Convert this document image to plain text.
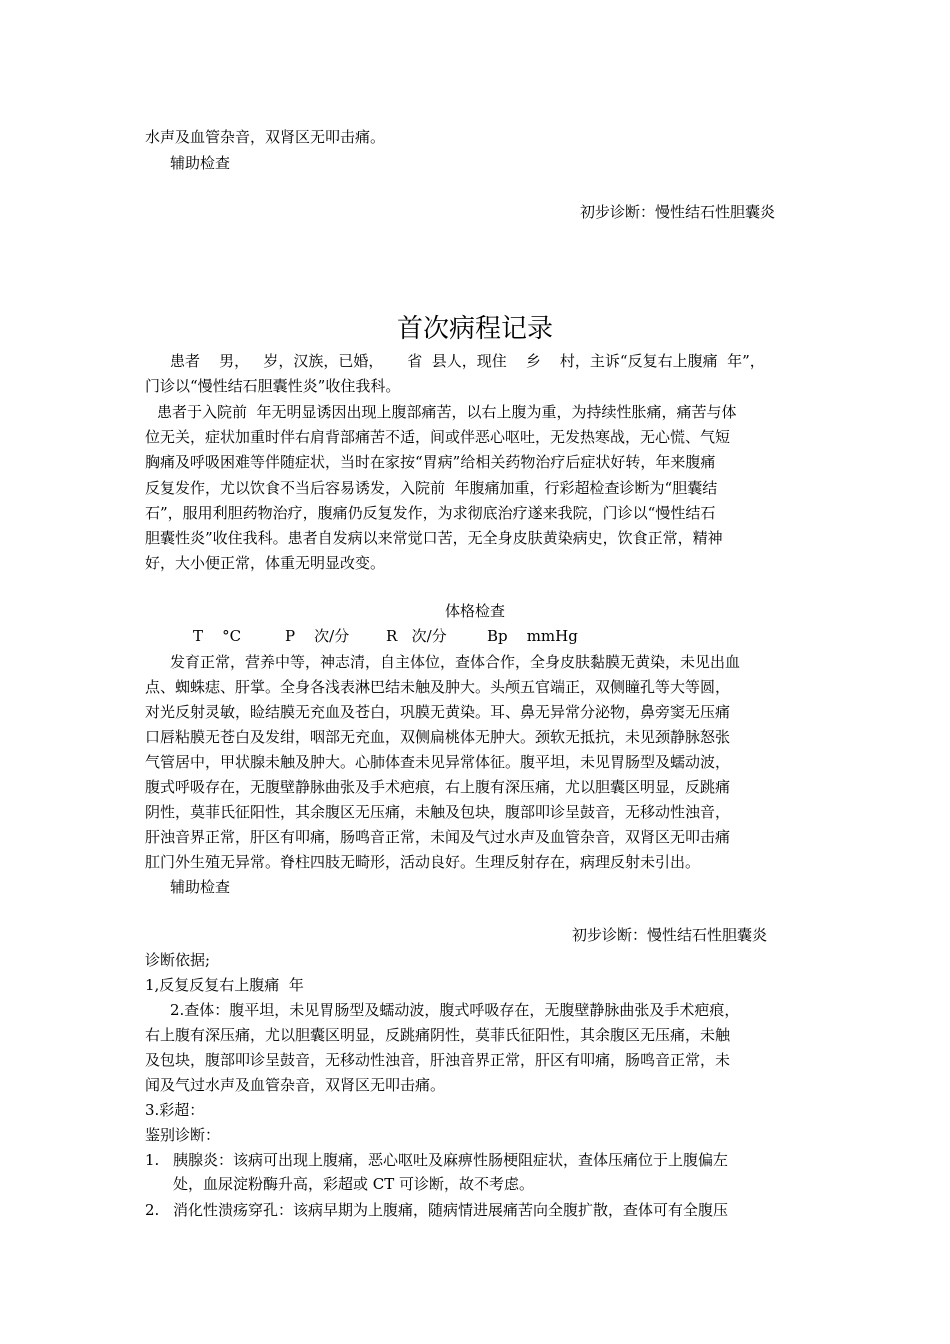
水声及血管杂音，双肾区无叩击痛。
辅助检查
初步诊断：慢性结石性胆囊炎
首次病程记录
患者    男，   岁，汉族，已婚，     省  县人，现住    乡    村，主诉“反复右上腹痛  年”，
门诊以“慢性结石胆囊性炎”收住我科。
患者于入院前  年无明显诱因出现上腹部痛苦，以右上腹为重，为持续性胀痛，痛苦与体
位无关，症状加重时伴右肩背部痛苦不适，间或伴恶心呕吐，无发热寒战，无心慌、气短
胸痛及呼吸困难等伴随症状，当时在家按“胃病”给相关药物治疗后症状好转，年来腹痛
反复发作，尤以饮食不当后容易诱发，入院前  年腹痛加重，行彩超检查诊断为“胆囊结
石”，服用利胆药物治疗，腹痛仍反复发作，为求彻底治疗遂来我院，门诊以“慢性结石
胆囊性炎”收住我科。患者自发病以来常觉口苦，无全身皮肤黄染病史，饮食正常，精神
好，大小便正常，体重无明显改变。
体格检查
T    °C	P    次/分 R   次/分	Bp    mmHg
发育正常，营养中等，神志清，自主体位，查体合作，全身皮肤黏膜无黄染，未见出血
点、蜘蛛痣、肝掌。全身各浅表淋巴结未触及肿大。头颅五官端正，双侧瞳孔等大等圆，
对光反射灵敏，睑结膜无充血及苍白，巩膜无黄染。耳、鼻无异常分泌物，鼻旁窦无压痛
口唇粘膜无苍白及发绀，咽部无充血，双侧扁桃体无肿大。颈软无抵抗，未见颈静脉怒张
气管居中，甲状腺未触及肿大。心肺体查未见异常体征。腹平坦，未见胃肠型及蠕动波，
腹式呼吸存在，无腹壁静脉曲张及手术疤痕，右上腹有深压痛，尤以胆囊区明显，反跳痛
阴性，莫菲氏征阳性，其余腹区无压痛，未触及包块，腹部叩诊呈鼓音，无移动性浊音，
肝浊音界正常，肝区有叩痛，肠鸣音正常，未闻及气过水声及血管杂音，双肾区无叩击痛
肛门外生殖无异常。脊柱四肢无畸形，活动良好。生理反射存在，病理反射未引出。
辅助检查
初步诊断：慢性结石性胆囊炎
诊断依据;
1,反复反复右上腹痛  年
2.查体：腹平坦，未见胃肠型及蠕动波，腹式呼吸存在，无腹壁静脉曲张及手术疤痕，
右上腹有深压痛，尤以胆囊区明显，反跳痛阴性，莫菲氏征阳性，其余腹区无压痛，未触
及包块，腹部叩诊呈鼓音，无移动性浊音，肝浊音界正常，肝区有叩痛，肠鸣音正常，未
闻及气过水声及血管杂音，双肾区无叩击痛。
3.彩超：
鉴别诊断：
1. 胰腺炎：该病可出现上腹痛，恶心呕吐及麻痹性肠梗阻症状，查体压痛位于上腹偏左
处，血尿淀粉酶升高，彩超或 CT 可诊断，故不考虑。
2. 消化性溃疡穿孔：该病早期为上腹痛，随病情进展痛苦向全腹扩散，查体可有全腹压
